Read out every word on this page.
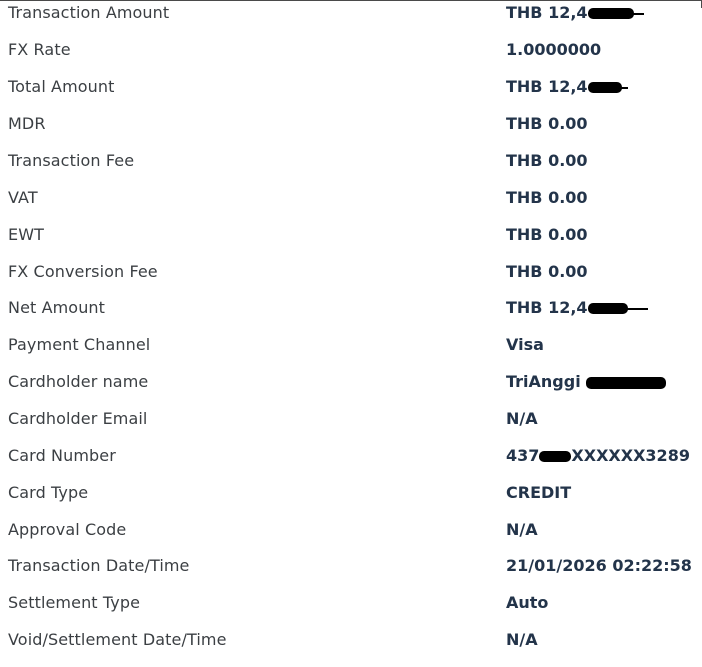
Transaction Amount	THB 12,4
FX Rate	1.0000000
Total Amount	THB 12,4
MDR	THB 0.00
Transaction Fee	THB 0.00
VAT	THB 0.00
EWT	THB 0.00
FX Conversion Fee	THB 0.00
Net Amount	THB 12,4
Payment Channel	Visa
Cardholder name	TriAnggi
Cardholder Email	N/A
Card Number	437 XXXXXX3289
Card Type	CREDIT
Approval Code	N/A
Transaction Date/Time	21/01/2026 02:22:58
Settlement Type	Auto
Void/Settlement Date/Time	N/A
